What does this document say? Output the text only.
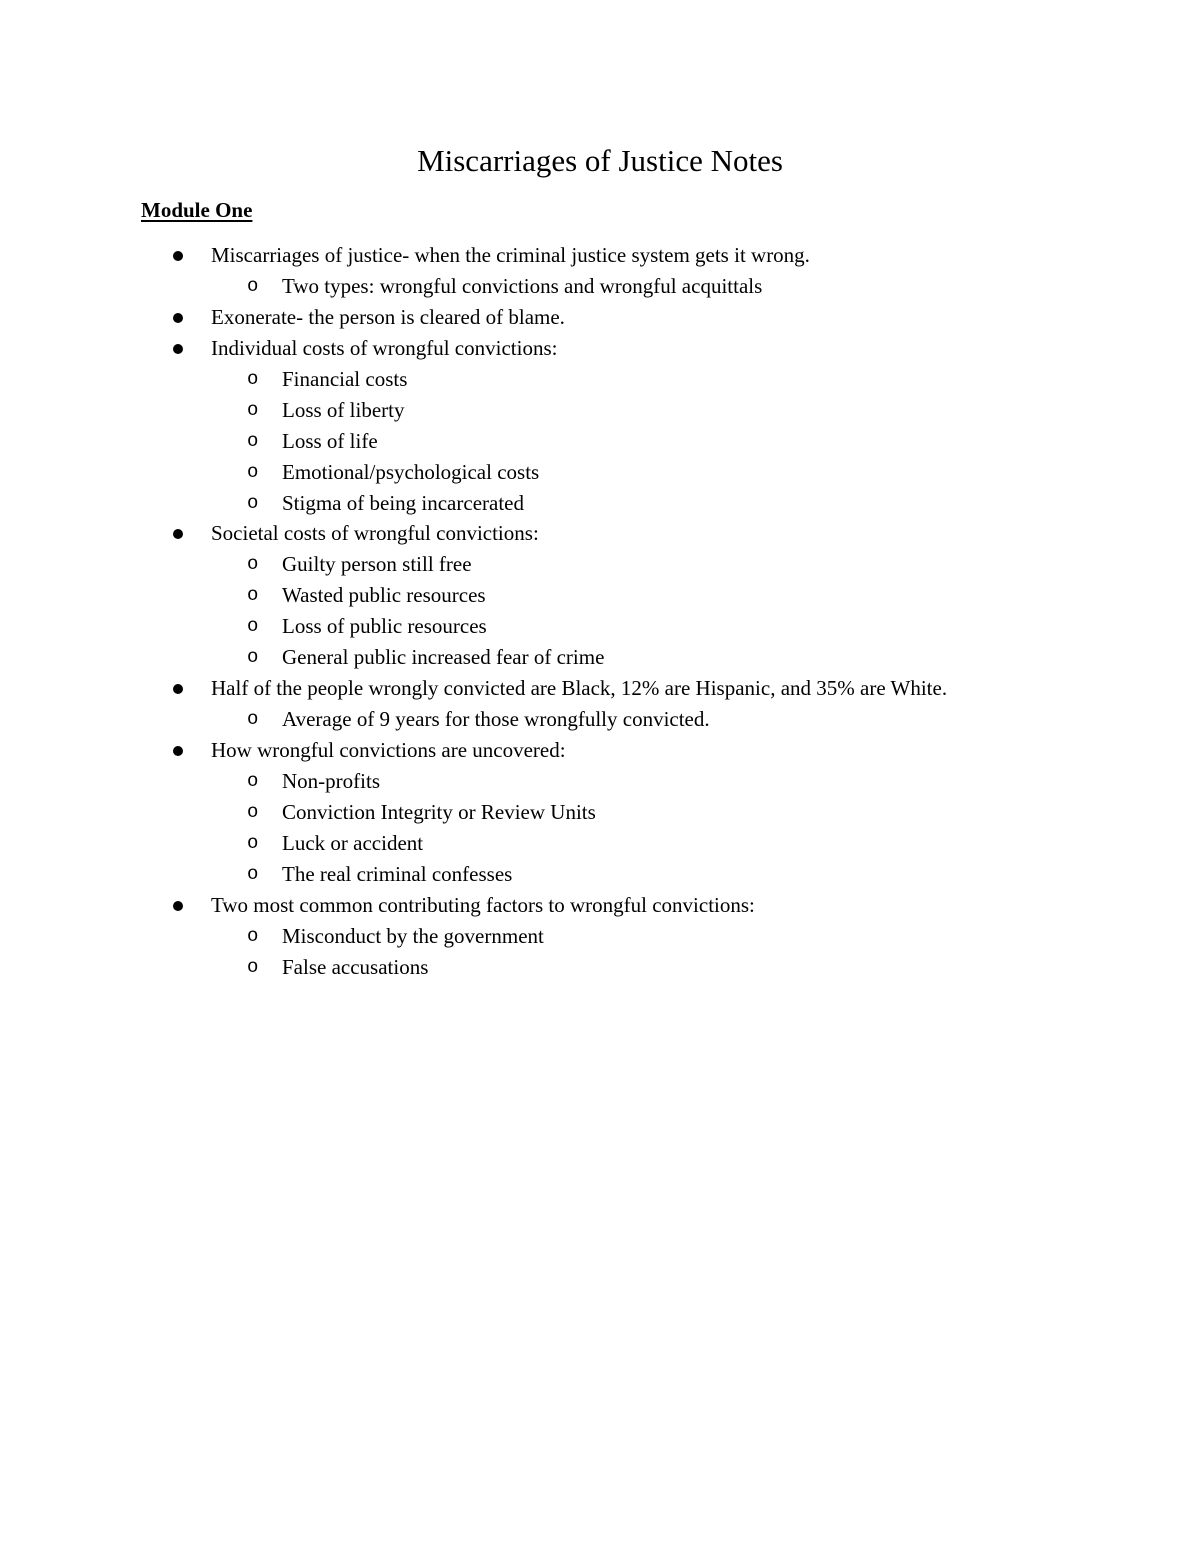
Miscarriages of Justice Notes
Module One
Miscarriages of justice- when the criminal justice system gets it wrong.
o Two types: wrongful convictions and wrongful acquittals
Exonerate- the person is cleared of blame.
Individual costs of wrongful convictions:
o Financial costs
o Loss of liberty
o Loss of life
o Emotional/psychological costs
o Stigma of being incarcerated
Societal costs of wrongful convictions:
o Guilty person still free
o Wasted public resources
o Loss of public resources
o General public increased fear of crime
Half of the people wrongly convicted are Black, 12% are Hispanic, and 35% are White.
o Average of 9 years for those wrongfully convicted.
How wrongful convictions are uncovered:
o Non-profits
o Conviction Integrity or Review Units
o Luck or accident
o The real criminal confesses
Two most common contributing factors to wrongful convictions:
o Misconduct by the government
o False accusations
